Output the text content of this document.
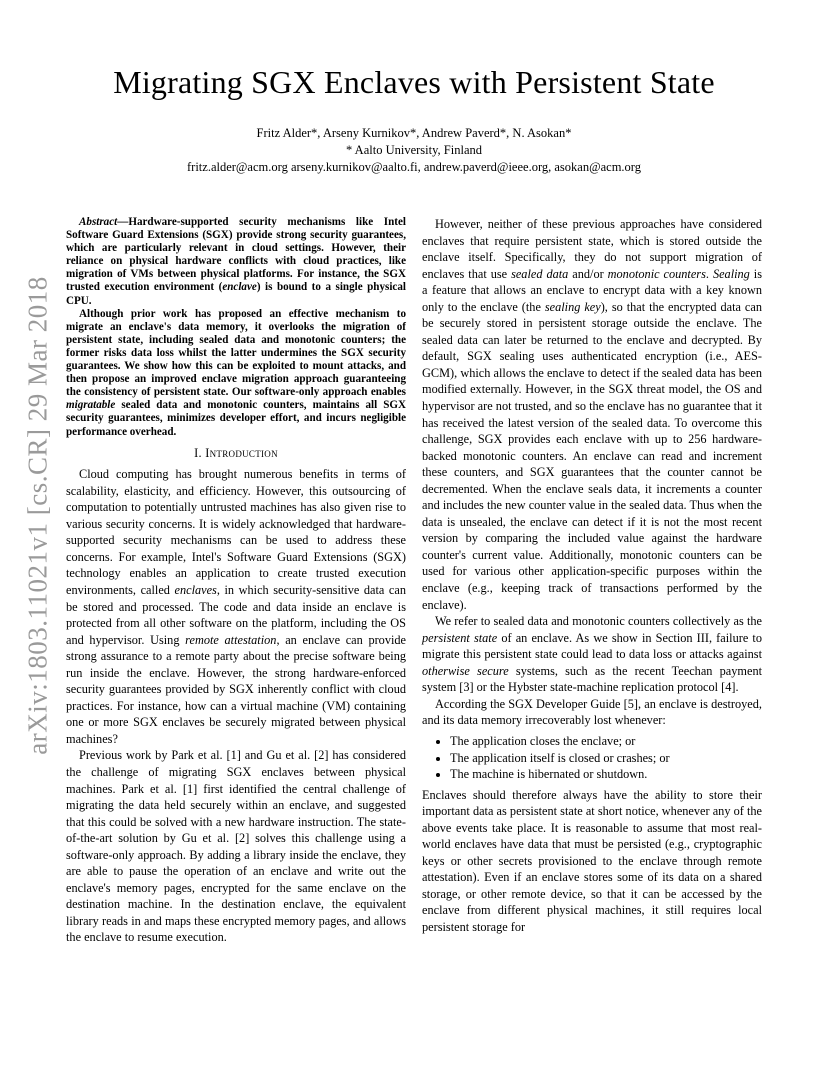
arXiv:1803.11021v1 [cs.CR] 29 Mar 2018
Migrating SGX Enclaves with Persistent State
Fritz Alder*, Arseny Kurnikov*, Andrew Paverd*, N. Asokan*
* Aalto University, Finland
fritz.alder@acm.org arseny.kurnikov@aalto.fi, andrew.paverd@ieee.org, asokan@acm.org

Abstract—Hardware-supported security mechanisms like Intel Software Guard Extensions (SGX) provide strong security guarantees, which are particularly relevant in cloud settings. However, their reliance on physical hardware conflicts with cloud practices, like migration of VMs between physical platforms. For instance, the SGX trusted execution environment (enclave) is bound to a single physical CPU.

Although prior work has proposed an effective mechanism to migrate an enclave's data memory, it overlooks the migration of persistent state, including sealed data and monotonic counters; the former risks data loss whilst the latter undermines the SGX security guarantees. We show how this can be exploited to mount attacks, and then propose an improved enclave migration approach guaranteeing the consistency of persistent state. Our software-only approach enables migratable sealed data and monotonic counters, maintains all SGX security guarantees, minimizes developer effort, and incurs negligible performance overhead.

I. Introduction

Cloud computing has brought numerous benefits in terms of scalability, elasticity, and efficiency. However, this outsourcing of computation to potentially untrusted machines has also given rise to various security concerns. It is widely acknowledged that hardware-supported security mechanisms can be used to address these concerns. For example, Intel's Software Guard Extensions (SGX) technology enables an application to create trusted execution environments, called enclaves, in which security-sensitive data can be stored and processed. The code and data inside an enclave is protected from all other software on the platform, including the OS and hypervisor. Using remote attestation, an enclave can provide strong assurance to a remote party about the precise software being run inside the enclave. However, the strong hardware-enforced security guarantees provided by SGX inherently conflict with cloud practices. For instance, how can a virtual machine (VM) containing one or more SGX enclaves be securely migrated between physical machines?

Previous work by Park et al. [1] and Gu et al. [2] has considered the challenge of migrating SGX enclaves between physical machines. Park et al. [1] first identified the central challenge of migrating the data held securely within an enclave, and suggested that this could be solved with a new hardware instruction. The state-of-the-art solution by Gu et al. [2] solves this challenge using a software-only approach. By adding a library inside the enclave, they are able to pause the operation of an enclave and write out the enclave's memory pages, encrypted for the same enclave on the destination machine. In the destination enclave, the equivalent library reads in and maps these encrypted memory pages, and allows the enclave to resume execution.

However, neither of these previous approaches have considered enclaves that require persistent state, which is stored outside the enclave itself. Specifically, they do not support migration of enclaves that use sealed data and/or monotonic counters. Sealing is a feature that allows an enclave to encrypt data with a key known only to the enclave (the sealing key), so that the encrypted data can be securely stored in persistent storage outside the enclave. The sealed data can later be returned to the enclave and decrypted. By default, SGX sealing uses authenticated encryption (i.e., AES-GCM), which allows the enclave to detect if the sealed data has been modified externally. However, in the SGX threat model, the OS and hypervisor are not trusted, and so the enclave has no guarantee that it has received the latest version of the sealed data. To overcome this challenge, SGX provides each enclave with up to 256 hardware-backed monotonic counters. An enclave can read and increment these counters, and SGX guarantees that the counter cannot be decremented. When the enclave seals data, it increments a counter and includes the new counter value in the sealed data. Thus when the data is unsealed, the enclave can detect if it is not the most recent version by comparing the included value against the hardware counter's current value. Additionally, monotonic counters can be used for various other application-specific purposes within the enclave (e.g., keeping track of transactions performed by the enclave).

We refer to sealed data and monotonic counters collectively as the persistent state of an enclave. As we show in Section III, failure to migrate this persistent state could lead to data loss or attacks against otherwise secure systems, such as the recent Teechan payment system [3] or the Hybster state-machine replication protocol [4].

According the SGX Developer Guide [5], an enclave is destroyed, and its data memory irrecoverably lost whenever:

• The application closes the enclave; or
• The application itself is closed or crashes; or
• The machine is hibernated or shutdown.

Enclaves should therefore always have the ability to store their important data as persistent state at short notice, whenever any of the above events take place. It is reasonable to assume that most real-world enclaves have data that must be persisted (e.g., cryptographic keys or other secrets provisioned to the enclave through remote attestation). Even if an enclave stores some of its data on a shared storage, or other remote device, so that it can be accessed by the enclave from different physical machines, it still requires local persistent storage for
